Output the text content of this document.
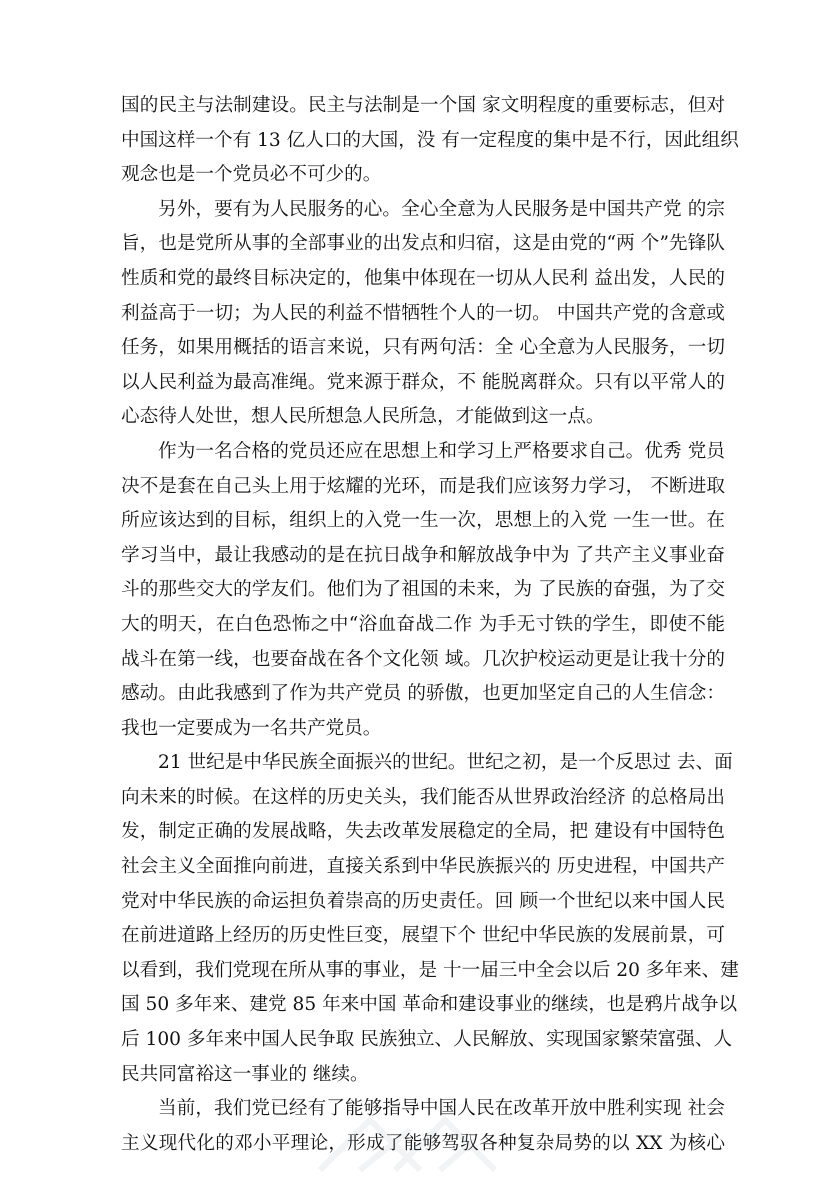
国的民主与法制建设。民主与法制是一个国 家文明程度的重要标志，但对
中国这样一个有 13 亿人口的大国，没 有一定程度的集中是不行，因此组织
观念也是一个党员必不可少的。
另外，要有为人民服务的心。全心全意为人民服务是中国共产党 的宗
旨，也是党所从事的全部事业的出发点和归宿，这是由党的“两 个”先锋队
性质和党的最终目标决定的，他集中体现在一切从人民利 益出发，人民的
利益高于一切；为人民的利益不惜牺牲个人的一切。 中国共产党的含意或
任务，如果用概括的语言来说，只有两句活：全 心全意为人民服务，一切
以人民利益为最高准绳。党来源于群众，不 能脱离群众。只有以平常人的
心态待人处世，想人民所想急人民所急，才能做到这一点。
作为一名合格的党员还应在思想上和学习上严格要求自己。优秀 党员
决不是套在自己头上用于炫耀的光环，而是我们应该努力学习， 不断进取
所应该达到的目标，组织上的入党一生一次，思想上的入党 一生一世。在
学习当中，最让我感动的是在抗日战争和解放战争中为 了共产主义事业奋
斗的那些交大的学友们。他们为了祖国的未来，为 了民族的奋强，为了交
大的明天，在白色恐怖之中“浴血奋战二作 为手无寸铁的学生，即使不能
战斗在第一线，也要奋战在各个文化领 域。几次护校运动更是让我十分的
感动。由此我感到了作为共产党员 的骄傲，也更加坚定自己的人生信念：
我也一定要成为一名共产党员。
21 世纪是中华民族全面振兴的世纪。世纪之初，是一个反思过 去、面
向未来的时候。在这样的历史关头，我们能否从世界政治经济 的总格局出
发，制定正确的发展战略，失去改革发展稳定的全局，把 建设有中国特色
社会主义全面推向前进，直接关系到中华民族振兴的 历史进程，中国共产
党对中华民族的命运担负着崇高的历史责任。回 顾一个世纪以来中国人民
在前进道路上经历的历史性巨变，展望下个 世纪中华民族的发展前景，可
以看到，我们党现在所从事的事业，是 十一届三中全会以后 20 多年来、建
国 50 多年来、建党 85 年来中国 革命和建设事业的继续，也是鸦片战争以
后 100 多年来中国人民争取 民族独立、人民解放、实现国家繁荣富强、人
民共同富裕这一事业的 继续。
当前，我们党已经有了能够指导中国人民在改革开放中胜利实现 社会
主义现代化的邓小平理论，形成了能够驾驭各种复杂局势的以 XX 为核心
